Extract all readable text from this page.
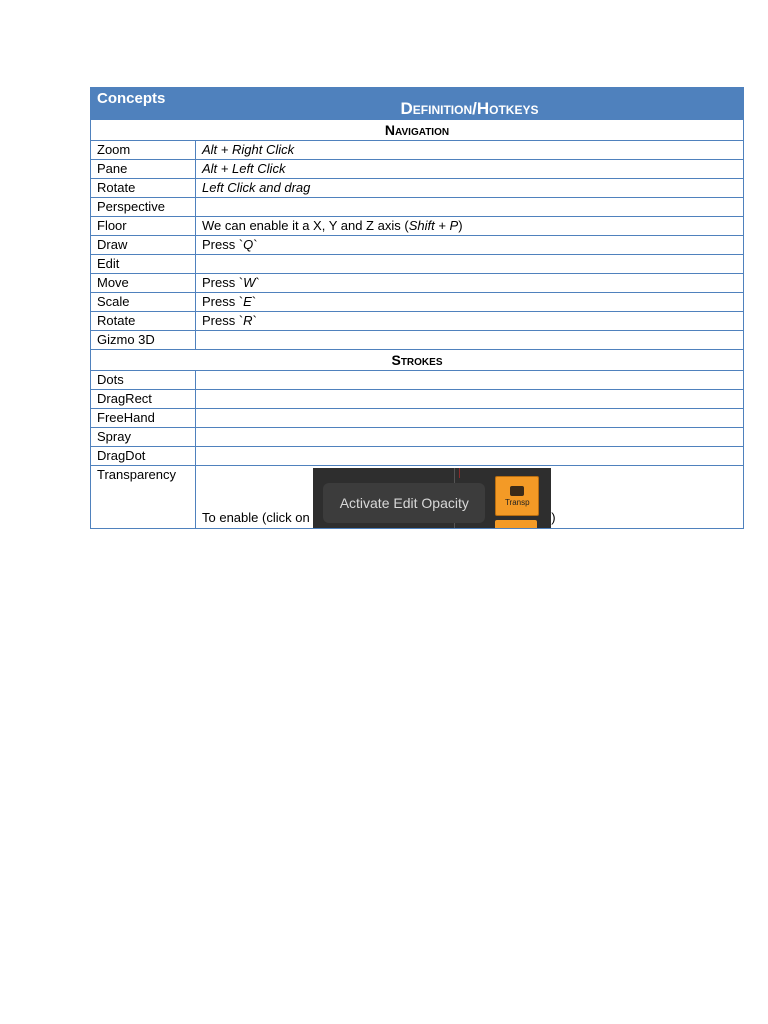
Concepts	Definition/Hotkeys
Navigation	
Zoom	Alt + Right Click
Pane	Alt + Left Click
Rotate	Left Click and drag
Perspective	
Floor	We can enable it a X, Y and Z axis (Shift + P)
Draw	Press `Q`
Edit	
Move	Press `W`
Scale	Press `E`
Rotate	Press `R`
Gizmo 3D	
Strokes	
Dots	
DragRect	
FreeHand	
Spray	
DragDot	
Transparency	To enable (click on
Activate Edit Opacity Transp
)
